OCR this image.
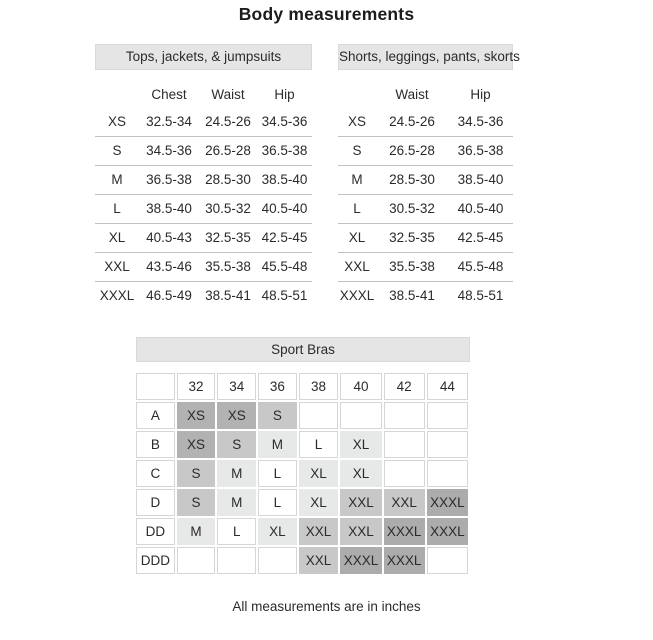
Body measurements
Tops, jackets, & jumpsuits
	Chest	Waist	Hip
XS	32.5-34	24.5-26	34.5-36
S	34.5-36	26.5-28	36.5-38
M	36.5-38	28.5-30	38.5-40
L	38.5-40	30.5-32	40.5-40
XL	40.5-43	32.5-35	42.5-45
XXL	43.5-46	35.5-38	45.5-48
XXXL	46.5-49	38.5-41	48.5-51
Shorts, leggings, pants, skorts
	Waist	Hip
XS	24.5-26	34.5-36
S	26.5-28	36.5-38
M	28.5-30	38.5-40
L	30.5-32	40.5-40
XL	32.5-35	42.5-45
XXL	35.5-38	45.5-48
XXXL	38.5-41	48.5-51
Sport Bras
	32	34	36	38	40	42	44
A	XS	XS	S				
B	XS	S	M	L	XL		
C	S	M	L	XL	XL		
D	S	M	L	XL	XXL	XXL	XXXL
DD	M	L	XL	XXL	XXL	XXXL	XXXL
DDD				XXL	XXXL	XXXL	
All measurements are in inches
